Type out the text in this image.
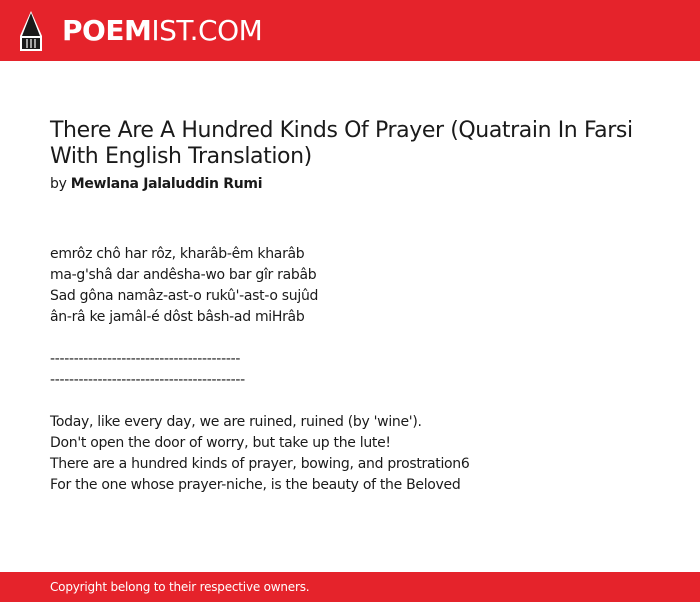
POEMIST.COM
There Are A Hundred Kinds Of Prayer (Quatrain In Farsi With English Translation)
by Mewlana Jalaluddin Rumi
emrôz chô har rôz, kharâb-êm kharâb
ma-g'shâ dar andêsha-wo bar gîr rabâb
Sad gôna namâz-ast-o rukû'-ast-o sujûd
ân-râ ke jamâl-é dôst bâsh-ad miHrâb
----------------------------------------
-----------------------------------------
Today, like every day, we are ruined, ruined (by 'wine').
Don't open the door of worry, but take up the lute!
There are a hundred kinds of prayer, bowing, and prostration6
For the one whose prayer-niche, is the beauty of the Beloved
Copyright belong to their respective owners.
